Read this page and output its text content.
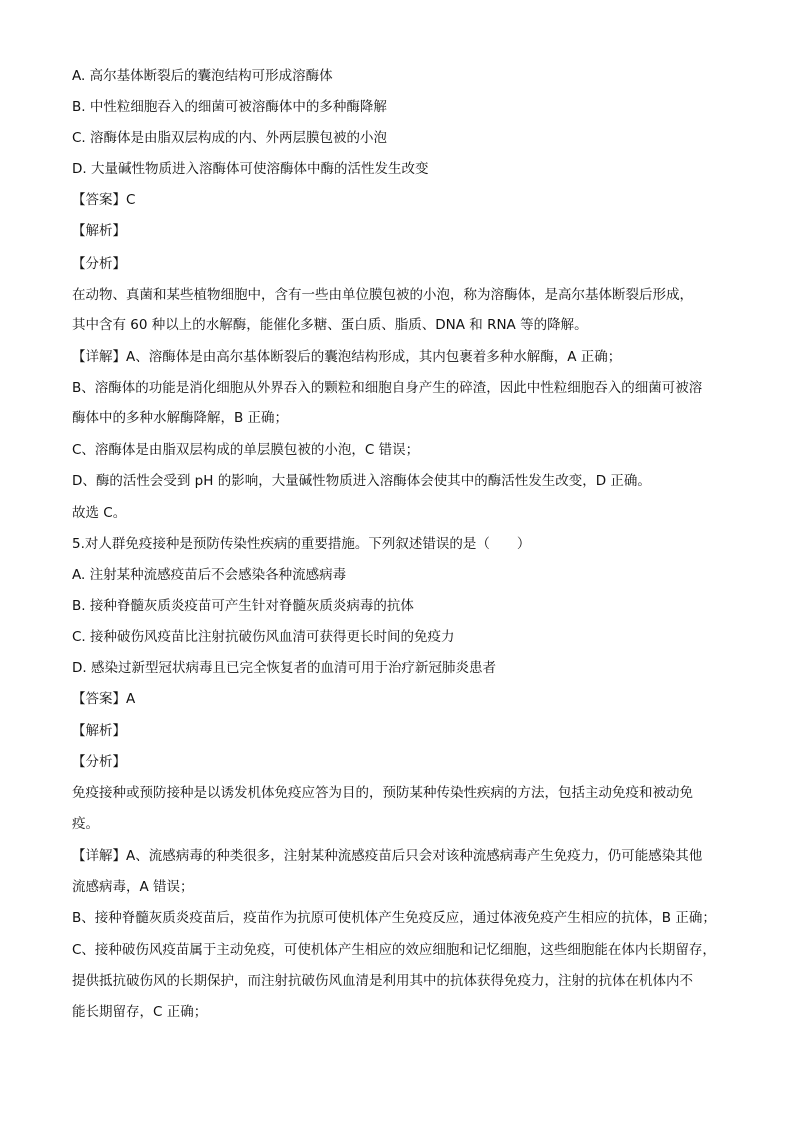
A. 高尔基体断裂后的囊泡结构可形成溶酶体
B. 中性粒细胞吞入的细菌可被溶酶体中的多种酶降解
C. 溶酶体是由脂双层构成的内、外两层膜包被的小泡
D. 大量碱性物质进入溶酶体可使溶酶体中酶的活性发生改变
【答案】C
【解析】
【分析】
在动物、真菌和某些植物细胞中，含有一些由单位膜包被的小泡，称为溶酶体，是高尔基体断裂后形成，
其中含有 60 种以上的水解酶，能催化多糖、蛋白质、脂质、DNA 和 RNA 等的降解。
【详解】A、溶酶体是由高尔基体断裂后的囊泡结构形成，其内包裹着多种水解酶，A 正确；
B、溶酶体的功能是消化细胞从外界吞入的颗粒和细胞自身产生的碎渣，因此中性粒细胞吞入的细菌可被溶
酶体中的多种水解酶降解，B 正确；
C、溶酶体是由脂双层构成的单层膜包被的小泡，C 错误；
D、酶的活性会受到 pH 的影响，大量碱性物质进入溶酶体会使其中的酶活性发生改变，D 正确。
故选 C。
5.对人群免疫接种是预防传染性疾病的重要措施。下列叙述错误的是（　　）
A. 注射某种流感疫苗后不会感染各种流感病毒
B. 接种脊髓灰质炎疫苗可产生针对脊髓灰质炎病毒的抗体
C. 接种破伤风疫苗比注射抗破伤风血清可获得更长时间的免疫力
D. 感染过新型冠状病毒且已完全恢复者的血清可用于治疗新冠肺炎患者
【答案】A
【解析】
【分析】
免疫接种或预防接种是以诱发机体免疫应答为目的，预防某种传染性疾病的方法，包括主动免疫和被动免
疫。
【详解】A、流感病毒的种类很多，注射某种流感疫苗后只会对该种流感病毒产生免疫力，仍可能感染其他
流感病毒，A 错误；
B、接种脊髓灰质炎疫苗后，疫苗作为抗原可使机体产生免疫反应，通过体液免疫产生相应的抗体，B 正确；
C、接种破伤风疫苗属于主动免疫，可使机体产生相应的效应细胞和记忆细胞，这些细胞能在体内长期留存，
提供抵抗破伤风的长期保护，而注射抗破伤风血清是利用其中的抗体获得免疫力，注射的抗体在机体内不
能长期留存，C 正确；
